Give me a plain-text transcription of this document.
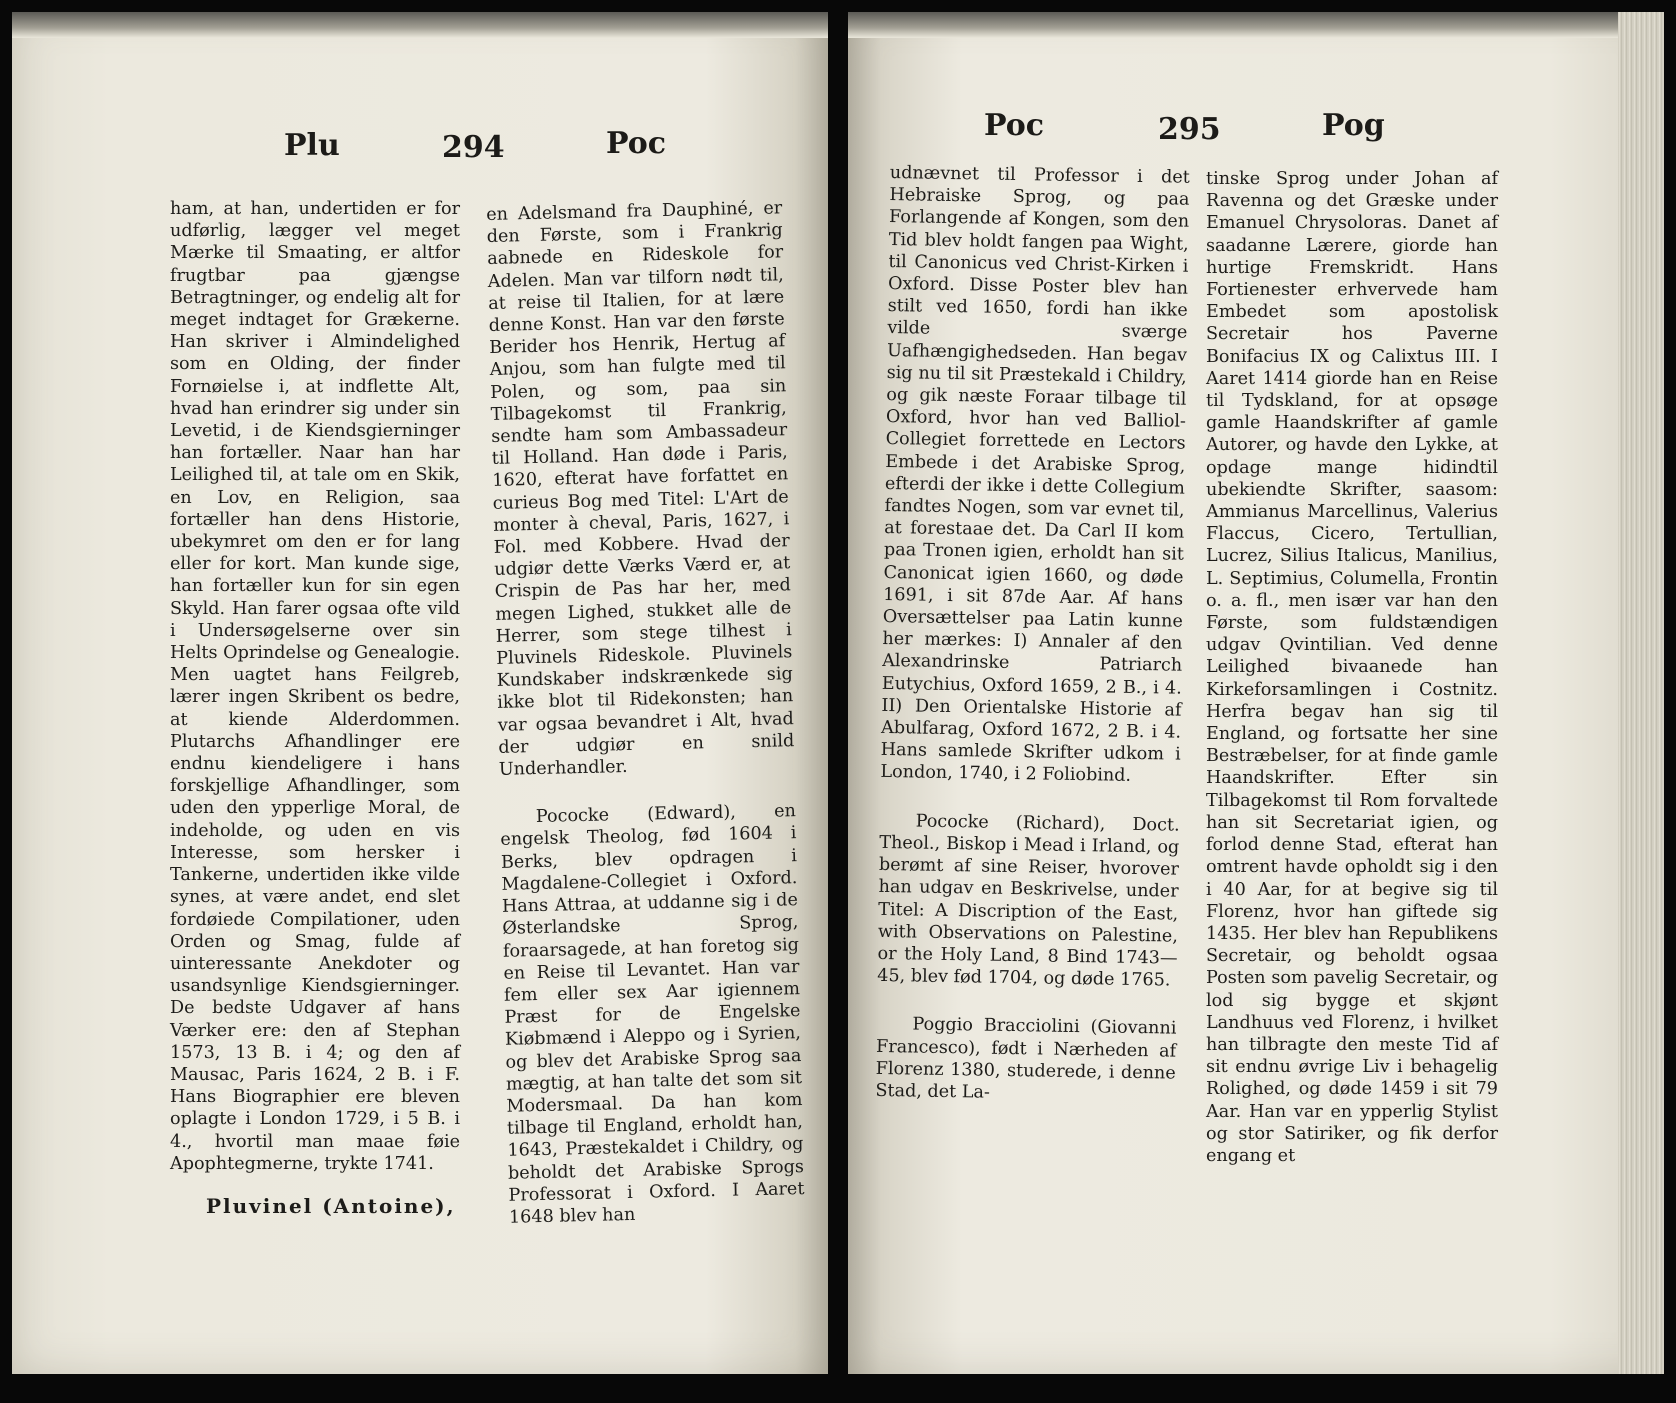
Plu	294	Poc

ham, at han, undertiden er for udførlig, lægger vel meget Mærke til Smaating, er altfor frugtbar paa gjængse Betragtninger, og endelig alt for meget indtaget for Grækerne. Han skriver i Almindelighed som en Olding, der finder Fornøielse i, at indflette Alt, hvad han erindrer sig under sin Levetid, i de Kiendsgierninger han fortæller. Naar han har Leilighed til, at tale om en Skik, en Lov, en Religion, saa fortæller han dens Historie, ubekymret om den er for lang eller for kort. Man kunde sige, han fortæller kun for sin egen Skyld. Han farer ogsaa ofte vild i Undersøgelserne over sin Helts Oprindelse og Genealogie. Men uagtet hans Feilgreb, lærer ingen Skribent os bedre, at kiende Alderdommen. Plutarchs Afhandlinger ere endnu kiendeligere i hans forskjellige Afhandlinger, som uden den ypperlige Moral, de indeholde, og uden en vis Interesse, som hersker i Tankerne, undertiden ikke vilde synes, at være andet, end slet fordøiede Compilationer, uden Orden og Smag, fulde af uinteressante Anekdoter og usandsynlige Kiendsgierninger. De bedste Udgaver af hans Værker ere: den af Stephan 1573, 13 B. i 4; og den af Mausac, Paris 1624, 2 B. i F. Hans Biographier ere bleven oplagte i London 1729, i 5 B. i 4., hvortil man maae føie Apophtegmerne, trykte 1741.

Pluvinel (Antoine),

en Adelsmand fra Dauphiné, er den Første, som i Frankrig aabnede en Rideskole for Adelen. Man var tilforn nødt til, at reise til Italien, for at lære denne Konst. Han var den første Berider hos Henrik, Hertug af Anjou, som han fulgte med til Polen, og som, paa sin Tilbagekomst til Frankrig, sendte ham som Ambassadeur til Holland. Han døde i Paris, 1620, efterat have forfattet en curieus Bog med Titel: L'Art de monter à cheval, Paris, 1627, i Fol. med Kobbere. Hvad der udgiør dette Værks Værd er, at Crispin de Pas har her, med megen Lighed, stukket alle de Herrer, som stege tilhest i Pluvinels Rideskole. Pluvinels Kundskaber indskrænkede sig ikke blot til Ridekonsten; han var ogsaa bevandret i Alt, hvad der udgiør en snild Underhandler.

Pococke (Edward), en engelsk Theolog, fød 1604 i Berks, blev opdragen i Magdalene-Collegiet i Oxford. Hans Attraa, at uddanne sig i de Østerlandske Sprog, foraarsagede, at han foretog sig en Reise til Levantet. Han var fem eller sex Aar igiennem Præst for de Engelske Kiøbmænd i Aleppo og i Syrien, og blev det Arabiske Sprog saa mægtig, at han talte det som sit Modersmaal. Da han kom tilbage til England, erholdt han, 1643, Præstekaldet i Childry, og beholdt det Arabiske Sprogs Professorat i Oxford. I Aaret 1648 blev han

Poc	295	Pog

udnævnet til Professor i det Hebraiske Sprog, og paa Forlangende af Kongen, som den Tid blev holdt fangen paa Wight, til Canonicus ved Christ-Kirken i Oxford. Disse Poster blev han stilt ved 1650, fordi han ikke vilde sværge Uafhængighedseden. Han begav sig nu til sit Præstekald i Childry, og gik næste Foraar tilbage til Oxford, hvor han ved Balliol-Collegiet forrettede en Lectors Embede i det Arabiske Sprog, efterdi der ikke i dette Collegium fandtes Nogen, som var evnet til, at forestaae det. Da Carl II kom paa Tronen igien, erholdt han sit Canonicat igien 1660, og døde 1691, i sit 87de Aar. Af hans Oversættelser paa Latin kunne her mærkes: I) Annaler af den Alexandrinske Patriarch Eutychius, Oxford 1659, 2 B., i 4. II) Den Orientalske Historie af Abulfarag, Oxford 1672, 2 B. i 4. Hans samlede Skrifter udkom i London, 1740, i 2 Foliobind.

Pococke (Richard), Doct. Theol., Biskop i Mead i Irland, og berømt af sine Reiser, hvorover han udgav en Beskrivelse, under Titel: A Discription of the East, with Observations on Palestine, or the Holy Land, 8 Bind 1743—45, blev fød 1704, og døde 1765.

Poggio Bracciolini (Giovanni Francesco), født i Nærheden af Florenz 1380, studerede, i denne Stad, det La-

tinske Sprog under Johan af Ravenna og det Græske under Emanuel Chrysoloras. Danet af saadanne Lærere, giorde han hurtige Fremskridt. Hans Fortienester erhvervede ham Embedet som apostolisk Secretair hos Paverne Bonifacius IX og Calixtus III. I Aaret 1414 giorde han en Reise til Tydskland, for at opsøge gamle Haandskrifter af gamle Autorer, og havde den Lykke, at opdage mange hidindtil ubekiendte Skrifter, saasom: Ammianus Marcellinus, Valerius Flaccus, Cicero, Tertullian, Lucrez, Silius Italicus, Manilius, L. Septimius, Columella, Frontin o. a. fl., men især var han den Første, som fuldstændigen udgav Qvintilian. Ved denne Leilighed bivaanede han Kirkeforsamlingen i Costnitz. Herfra begav han sig til England, og fortsatte her sine Bestræbelser, for at finde gamle Haandskrifter. Efter sin Tilbagekomst til Rom forvaltede han sit Secretariat igien, og forlod denne Stad, efterat han omtrent havde opholdt sig i den i 40 Aar, for at begive sig til Florenz, hvor han giftede sig 1435. Her blev han Republikens Secretair, og beholdt ogsaa Posten som pavelig Secretair, og lod sig bygge et skjønt Landhuus ved Florenz, i hvilket han tilbragte den meste Tid af sit endnu øvrige Liv i behagelig Rolighed, og døde 1459 i sit 79 Aar. Han var en ypperlig Stylist og stor Satiriker, og fik derfor engang et
